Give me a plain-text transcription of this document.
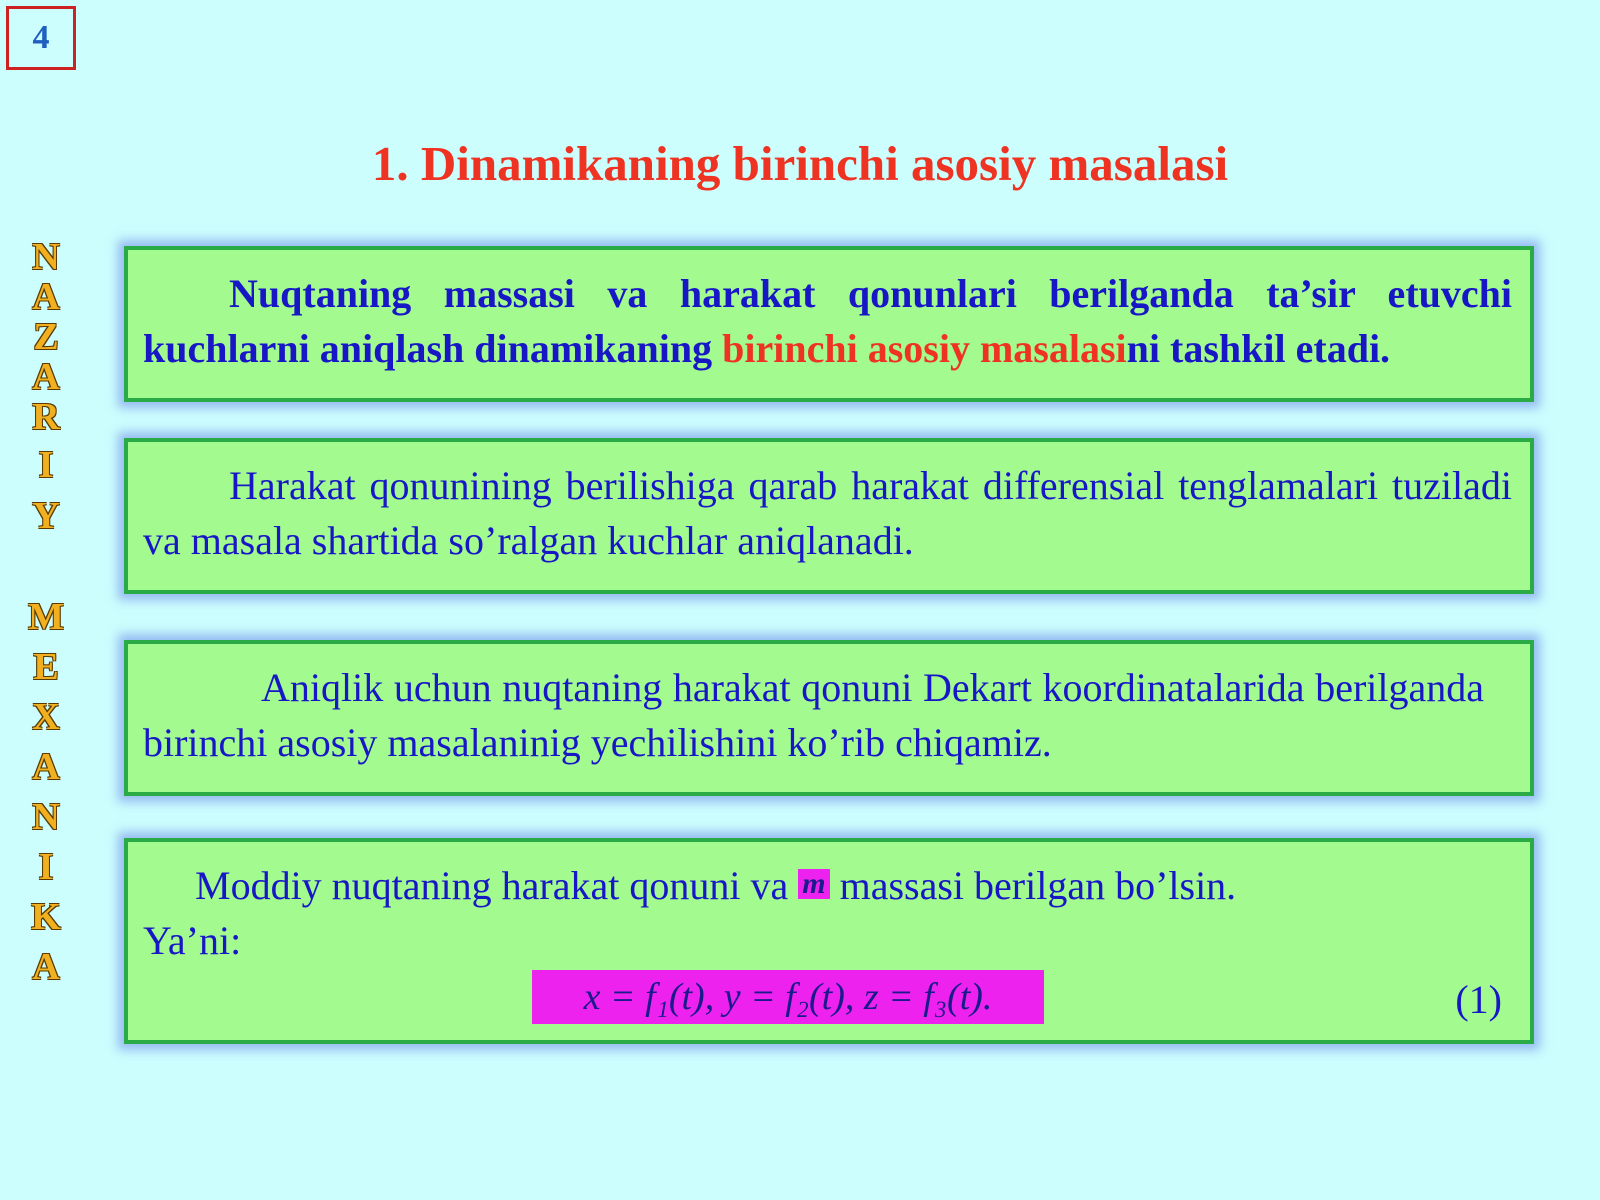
4
N
A
Z
A
R
I
Y
M
E
X
A
N
I
K
A
1. Dinamikaning birinchi asosiy masalasi
Nuqtaning massasi va harakat qonunlari berilganda ta’sir etuvchi kuchlarni aniqlash dinamikaning birinchi asosiy masalasini tashkil etadi.
Harakat qonunining berilishiga qarab harakat differensial tenglamalari tuziladi va masala shartida so’ralgan kuchlar aniqlanadi.
Aniqlik uchun nuqtaning harakat qonuni Dekart koordinatalarida berilganda birinchi asosiy masalaninig yechilishini ko’rib chiqamiz.
Moddiy nuqtaning harakat qonuni va m massasi berilgan bo’lsin.
Ya’ni:
x = f₁(t), y = f₂(t), z = f₃(t).	(1)
